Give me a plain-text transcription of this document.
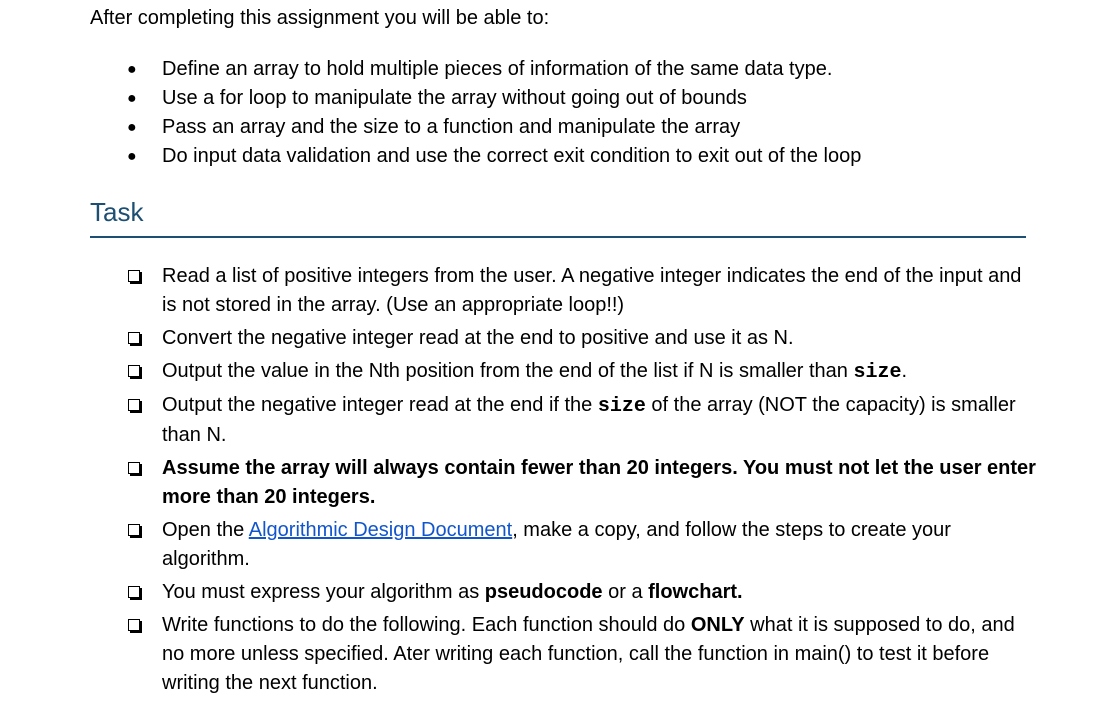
After completing this assignment you will be able to:

● Define an array to hold multiple pieces of information of the same data type.
● Use a for loop to manipulate the array without going out of bounds
● Pass an array and the size to a function and manipulate the array
● Do input data validation and use the correct exit condition to exit out of the loop
Task
Read a list of positive integers from the user. A negative integer indicates the end of the input and is not stored in the array. (Use an appropriate loop!!)
Convert the negative integer read at the end to positive and use it as N.
Output the value in the Nth position from the end of the list if N is smaller than size.
Output the negative integer read at the end if the size of the array (NOT the capacity) is smaller than N.
Assume the array will always contain fewer than 20 integers. You must not let the user enter more than 20 integers.
Open the Algorithmic Design Document, make a copy, and follow the steps to create your algorithm.
You must express your algorithm as pseudocode or a flowchart.
Write functions to do the following. Each function should do ONLY what it is supposed to do, and no more unless specified. Ater writing each function, call the function in main() to test it before writing the next function.
